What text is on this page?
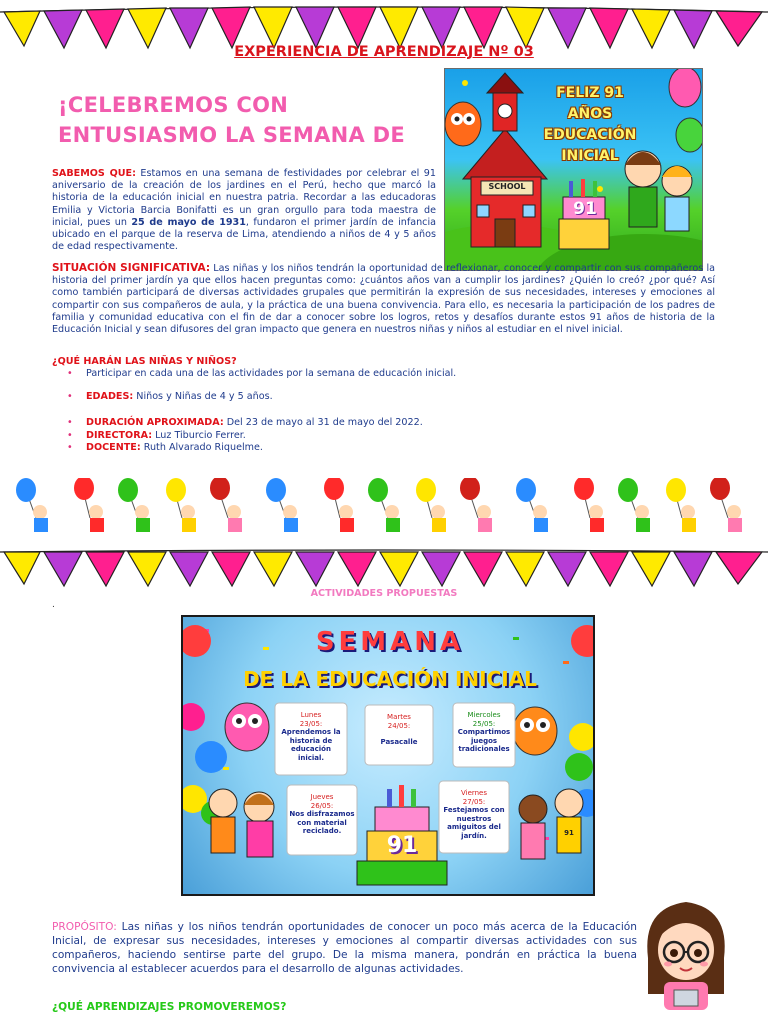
EXPERIENCIA DE APRENDIZAJE Nº 03
¡CELEBREMOS CON ENTUSIASMO LA SEMANA DE
FELIZ 91 AÑOS
EDUCACIÓN
INICIAL
SCHOOL
91
SABEMOS QUE: Estamos en una semana de festividades por celebrar el 91 aniversario de la creación de los jardines en el Perú, hecho que marcó la historia de la educación inicial en nuestra patria. Recordar a las educadoras Emilia y Victoria Barcia Bonifatti es un gran orgullo para toda maestra de inicial, pues un 25 de mayo de 1931, fundaron el primer jardín de infancia ubicado en el parque de la reserva de Lima, atendiendo a niños de 4 y 5 años de edad respectivamente.
SITUACIÓN SIGNIFICATIVA: Las niñas y los niños tendrán la oportunidad de reflexionar, conocer y compartir con sus compañeros la historia del primer jardín ya que ellos hacen preguntas como: ¿cuántos años van a cumplir los jardines? ¿Quién lo creó? ¿por qué? Así como también participará de diversas actividades grupales que permitirán la expresión de sus necesidades, intereses y emociones al compartir con sus compañeros de aula, y la práctica de una buena convivencia. Para ello, es necesaria la participación de los padres de familia y comunidad educativa con el fin de dar a conocer sobre los logros, retos y desafíos durante estos 91 años de historia de la Educación Inicial y sean difusores del gran impacto que genera en nuestros niñas y niños al estudiar en el nivel inicial.
¿QUÉ HARÁN LAS NIÑAS Y NIÑOS?
• Participar en cada una de las actividades por la semana de educación inicial.
• EDADES: Niños y Niñas de 4 y 5 años.
• DURACIÓN APROXIMADA: Del 23 de mayo al 31 de mayo del 2022.
• DIRECTORA: Luz Tiburcio Ferrer.
• DOCENTE: Ruth Alvarado Riquelme.
ACTIVIDADES PROPUESTAS
.
SEMANA
DE LA EDUCACIÓN INICIAL
Lunes
23/05:
Aprendemos la historia de educación inicial.
Martes
24/05:
Pasacalle
Miercoles
25/05:
Compartimos juegos tradicionales
Jueves
26/05:
Nos disfrazamos con material reciclado.
Viernes
27/05:
Festejamos con nuestros amiguitos del jardín.
91	91
PROPÓSITO: Las niñas y los niños tendrán oportunidades de conocer un poco más acerca de la Educación Inicial, de expresar sus necesidades, intereses y emociones al compartir diversas actividades con sus compañeros, haciendo sentirse parte del grupo. De la misma manera, pondrán en práctica la buena convivencia al establecer acuerdos para el desarrollo de algunas actividades.
¿QUÉ APRENDIZAJES PROMOVEREMOS?
